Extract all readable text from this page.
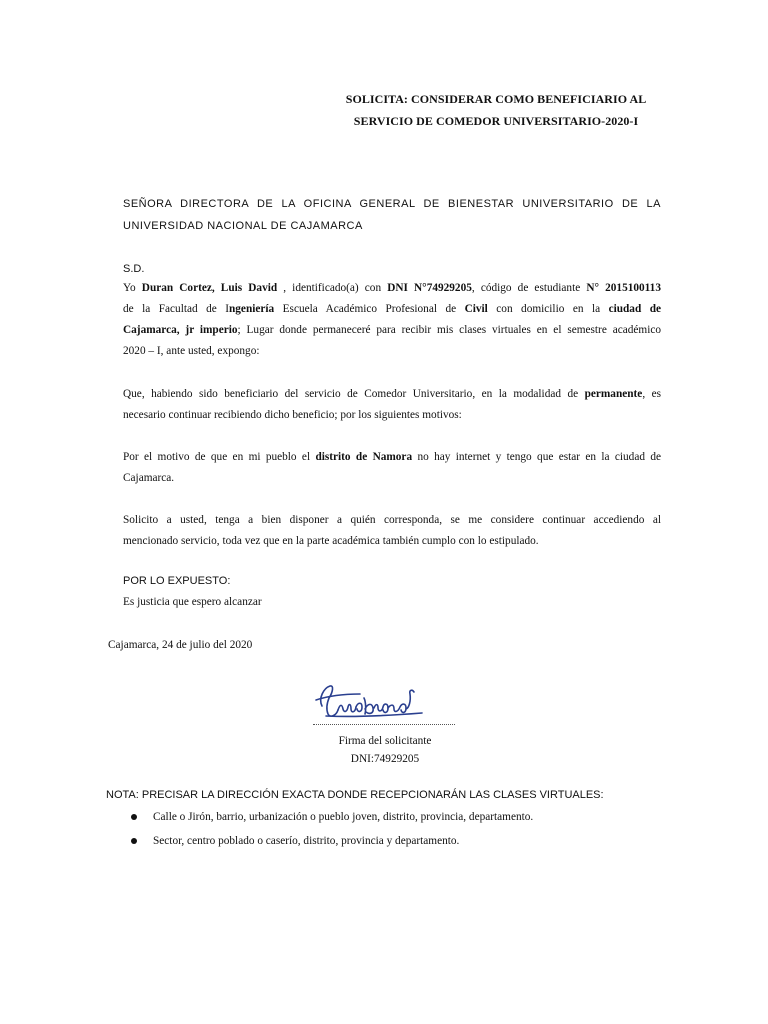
SOLICITA: CONSIDERAR COMO BENEFICIARIO AL

SERVICIO DE COMEDOR UNIVERSITARIO-2020-I

SEÑORA DIRECTORA DE LA OFICINA GENERAL DE BIENESTAR UNIVERSITARIO DE LA
UNIVERSIDAD NACIONAL DE CAJAMARCA

S.D.

Yo Duran Cortez, Luis David , identificado(a) con DNI N°74929205, código de estudiante N° 2015100113
de la Facultad de Ingeniería Escuela Académico Profesional de Civil con domicilio en la ciudad de
Cajamarca, jr imperio; Lugar donde permaneceré para recibir mis clases virtuales en el semestre académico
2020 – I, ante usted, expongo:
Que, habiendo sido beneficiario del servicio de Comedor Universitario, en la modalidad de permanente, es
necesario continuar recibiendo dicho beneficio; por los siguientes motivos:
Por el motivo de que en mi pueblo el distrito de Namora no hay internet y tengo que estar en la ciudad de
Cajamarca.
Solicito a usted, tenga a bien disponer a quién corresponda, se me considere continuar accediendo al
mencionado servicio, toda vez que en la parte académica también cumplo con lo estipulado.

POR LO EXPUESTO:

Es justicia que espero alcanzar

Cajamarca, 24 de julio del 2020

Firma del solicitante

DNI:74929205

NOTA: PRECISAR LA DIRECCIÓN EXACTA DONDE RECEPCIONARÁN LAS CLASES VIRTUALES:

Calle o Jirón, barrio, urbanización o pueblo joven, distrito, provincia, departamento.
Sector, centro poblado o caserío, distrito, provincia y departamento.
